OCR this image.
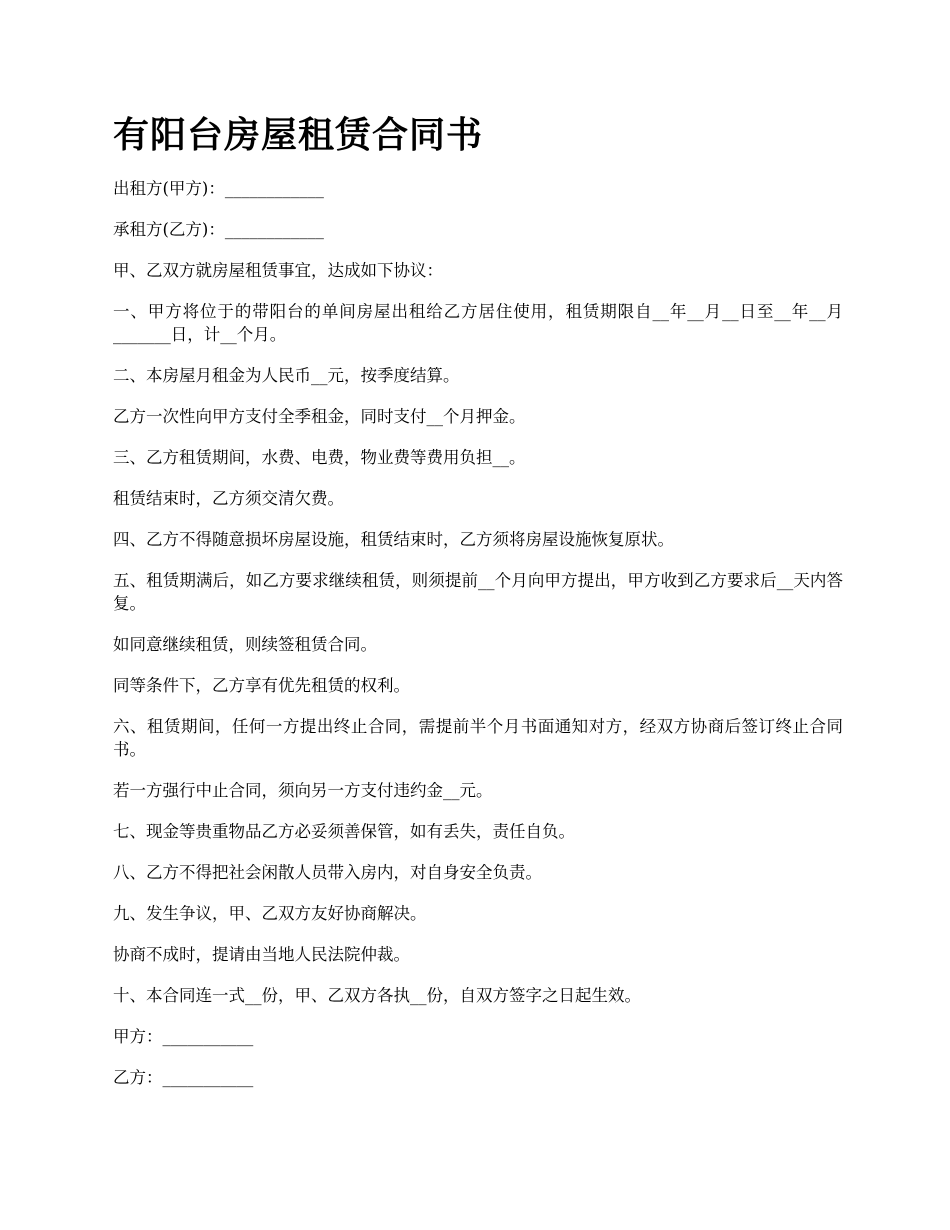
有阳台房屋租赁合同书

出租方(甲方)：____________

承租方(乙方)：____________

甲、乙双方就房屋租赁事宜，达成如下协议：

一、甲方将位于的带阳台的单间房屋出租给乙方居住使用，租赁期限自__年__月__日至__年__月_______日，计__个月。

二、本房屋月租金为人民币__元，按季度结算。

乙方一次性向甲方支付全季租金，同时支付__个月押金。

三、乙方租赁期间，水费、电费，物业费等费用负担__。

租赁结束时，乙方须交清欠费。

四、乙方不得随意损坏房屋设施，租赁结束时，乙方须将房屋设施恢复原状。

五、租赁期满后，如乙方要求继续租赁，则须提前__个月向甲方提出，甲方收到乙方要求后__天内答复。

如同意继续租赁，则续签租赁合同。

同等条件下，乙方享有优先租赁的权利。

六、租赁期间，任何一方提出终止合同，需提前半个月书面通知对方，经双方协商后签订终止合同书。

若一方强行中止合同，须向另一方支付违约金__元。

七、现金等贵重物品乙方必妥须善保管，如有丢失，责任自负。

八、乙方不得把社会闲散人员带入房内，对自身安全负责。

九、发生争议，甲、乙双方友好协商解决。

协商不成时，提请由当地人民法院仲裁。

十、本合同连一式__份，甲、乙双方各执__份，自双方签字之日起生效。

甲方：___________

乙方：___________
